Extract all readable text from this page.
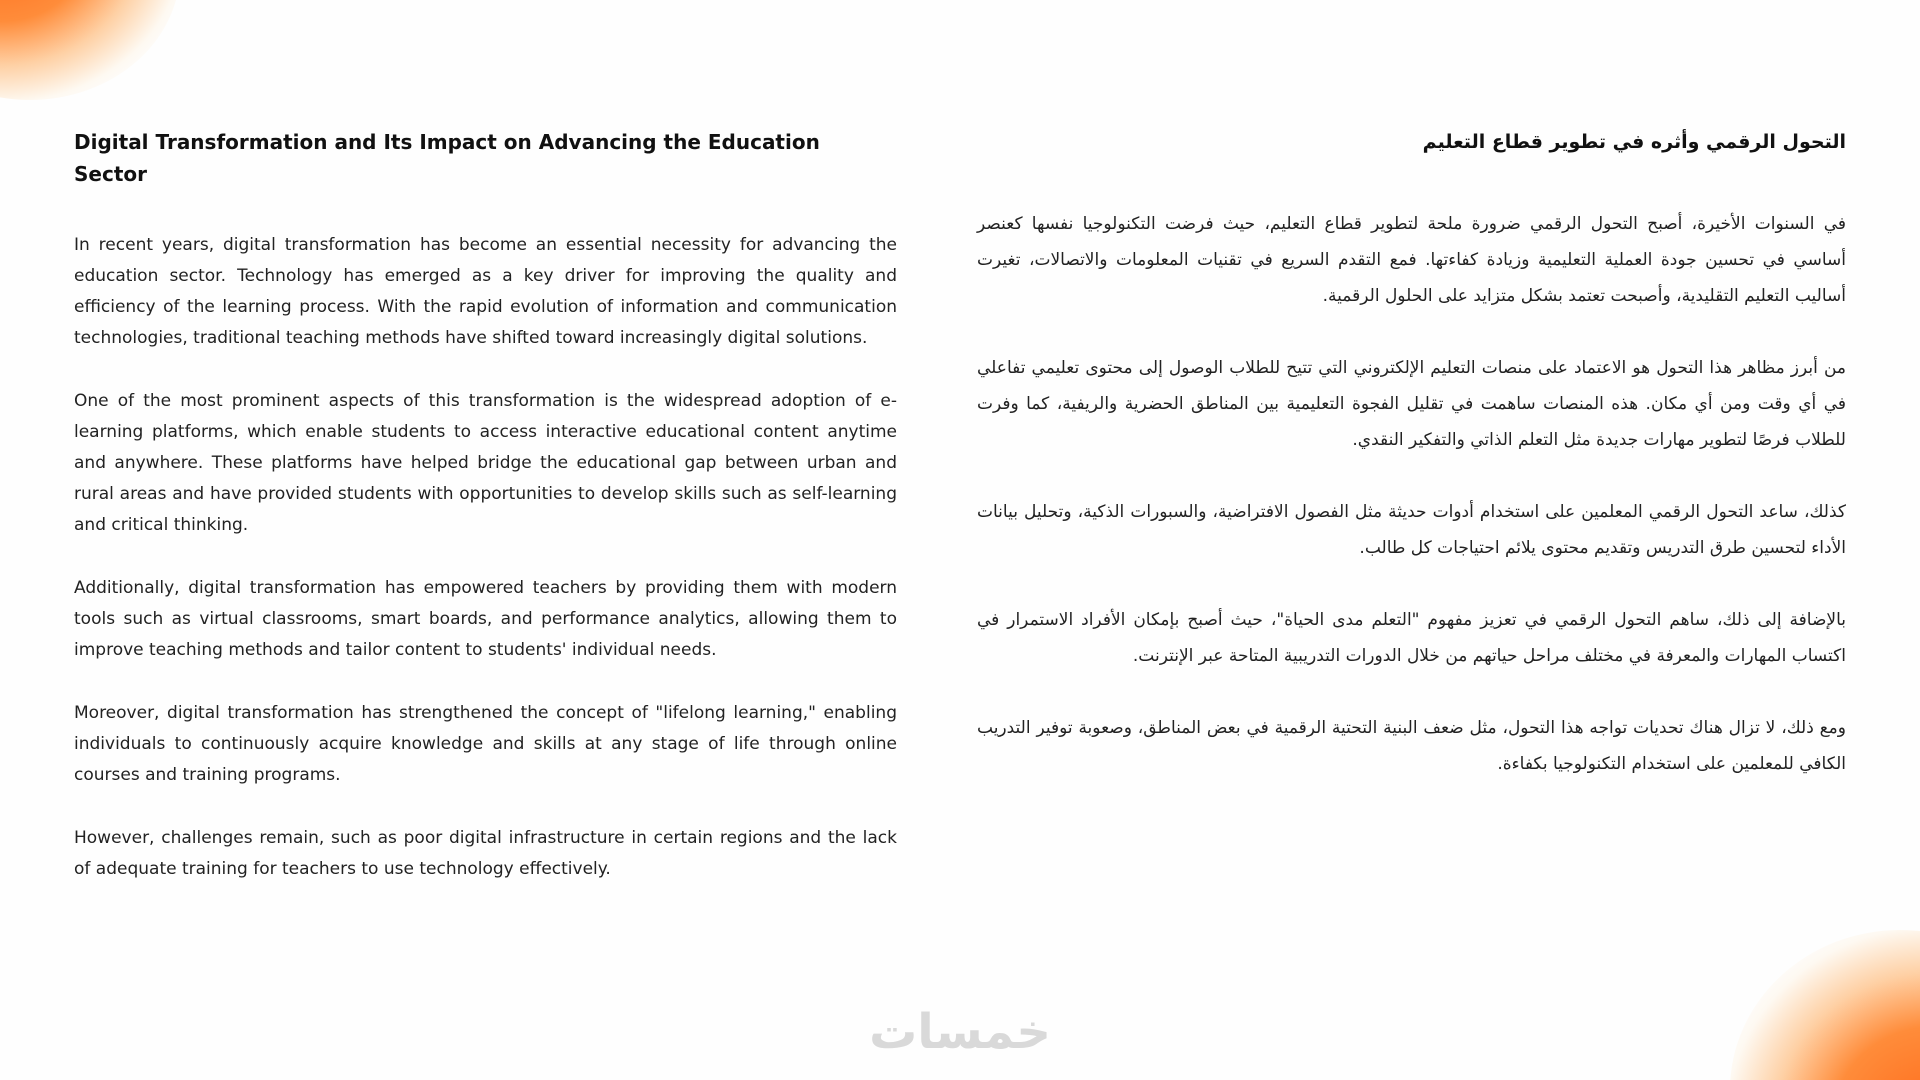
Digital Transformation and Its Impact on Advancing the Education Sector

In recent years, digital transformation has become an essential necessity for advancing the education sector. Technology has emerged as a key driver for improving the quality and efficiency of the learning process. With the rapid evolution of information and communication technologies, traditional teaching methods have shifted toward increasingly digital solutions.

One of the most prominent aspects of this transformation is the widespread adoption of e-learning platforms, which enable students to access interactive educational content anytime and anywhere. These platforms have helped bridge the educational gap between urban and rural areas and have provided students with opportunities to develop skills such as self-learning and critical thinking.

Additionally, digital transformation has empowered teachers by providing them with modern tools such as virtual classrooms, smart boards, and performance analytics, allowing them to improve teaching methods and tailor content to students' individual needs.

Moreover, digital transformation has strengthened the concept of "lifelong learning," enabling individuals to continuously acquire knowledge and skills at any stage of life through online courses and training programs.

However, challenges remain, such as poor digital infrastructure in certain regions and the lack of adequate training for teachers to use technology effectively.

التحول الرقمي وأثره في تطوير قطاع التعليم

في السنوات الأخيرة، أصبح التحول الرقمي ضرورة ملحة لتطوير قطاع التعليم، حيث فرضت التكنولوجيا نفسها كعنصر أساسي في تحسين جودة العملية التعليمية وزيادة كفاءتها. فمع التقدم السريع في تقنيات المعلومات والاتصالات، تغيرت أساليب التعليم التقليدية، وأصبحت تعتمد بشكل متزايد على الحلول الرقمية.

من أبرز مظاهر هذا التحول هو الاعتماد على منصات التعليم الإلكتروني التي تتيح للطلاب الوصول إلى محتوى تعليمي تفاعلي في أي وقت ومن أي مكان. هذه المنصات ساهمت في تقليل الفجوة التعليمية بين المناطق الحضرية والريفية، كما وفرت للطلاب فرصًا لتطوير مهارات جديدة مثل التعلم الذاتي والتفكير النقدي.

كذلك، ساعد التحول الرقمي المعلمين على استخدام أدوات حديثة مثل الفصول الافتراضية، والسبورات الذكية، وتحليل بيانات الأداء لتحسين طرق التدريس وتقديم محتوى يلائم احتياجات كل طالب.

بالإضافة إلى ذلك، ساهم التحول الرقمي في تعزيز مفهوم "التعلم مدى الحياة"، حيث أصبح بإمكان الأفراد الاستمرار في اكتساب المهارات والمعرفة في مختلف مراحل حياتهم من خلال الدورات التدريبية المتاحة عبر الإنترنت.

ومع ذلك، لا تزال هناك تحديات تواجه هذا التحول، مثل ضعف البنية التحتية الرقمية في بعض المناطق، وصعوبة توفير التدريب الكافي للمعلمين على استخدام التكنولوجيا بكفاءة.

خمسات
